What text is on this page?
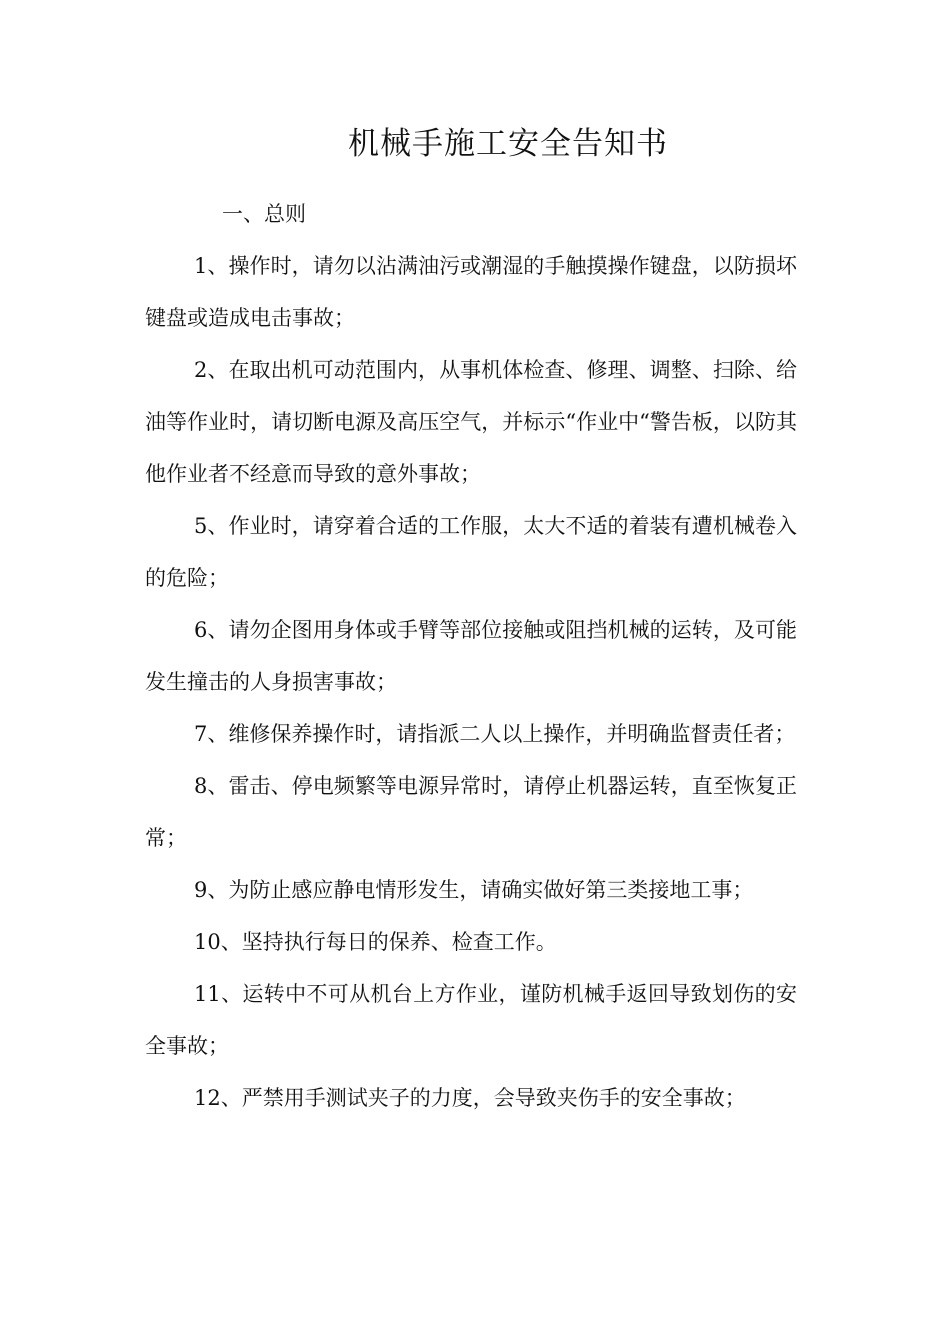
机械手施工安全告知书
一、总则

1、操作时，请勿以沾满油污或潮湿的手触摸操作键盘，以防损坏键盘或造成电击事故；

2、在取出机可动范围内，从事机体检查、修理、调整、扫除、给油等作业时，请切断电源及高压空气，并标示“作业中“警告板，以防其他作业者不经意而导致的意外事故；

5、作业时，请穿着合适的工作服，太大不适的着装有遭机械卷入的危险；

6、请勿企图用身体或手臂等部位接触或阻挡机械的运转，及可能发生撞击的人身损害事故；

7、维修保养操作时，请指派二人以上操作，并明确监督责任者；

8、雷击、停电频繁等电源异常时，请停止机器运转，直至恢复正常；

9、为防止感应静电情形发生，请确实做好第三类接地工事；

10、坚持执行每日的保养、检查工作。

11、运转中不可从机台上方作业，谨防机械手返回导致划伤的安全事故；

12、严禁用手测试夹子的力度，会导致夹伤手的安全事故；
